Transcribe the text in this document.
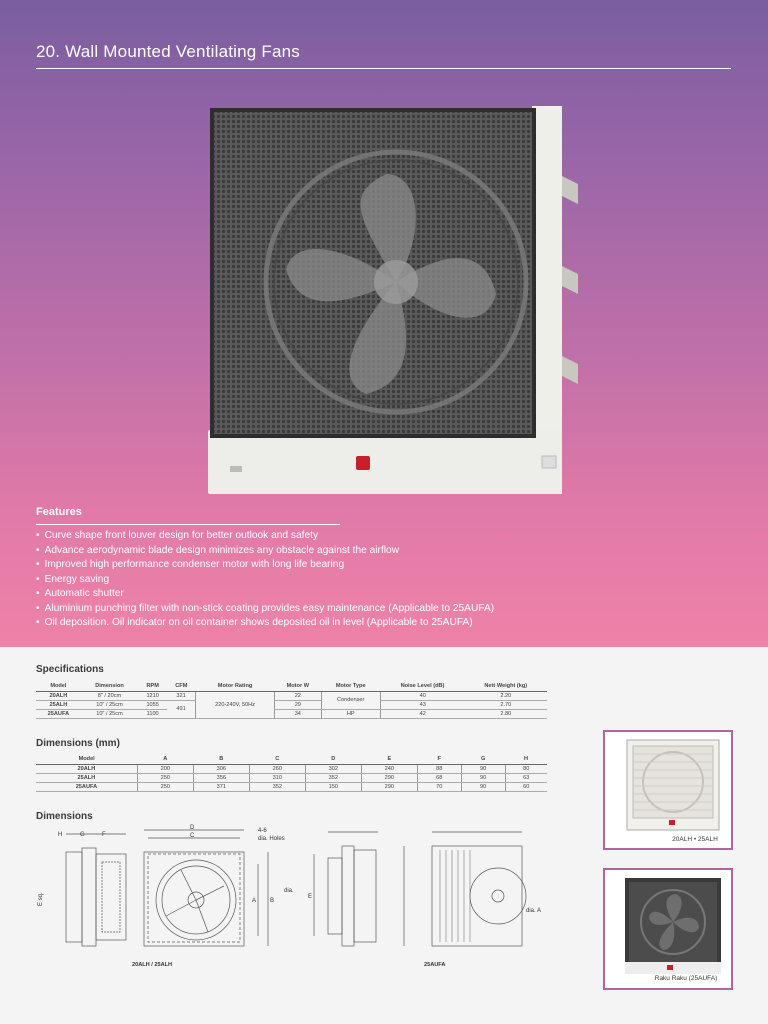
20. Wall Mounted Ventilating Fans
Features
• Curve shape front louver design for better outlook and safety
• Advance aerodynamic blade design minimizes any obstacle against the airflow
• Improved high performance condenser motor with long life bearing
• Energy saving
• Automatic shutter
• Aluminium punching filter with non-stick coating provides easy maintenance (Applicable to 25AUFA)
• Oil deposition. Oil indicator on oil container shows deposited oil in level (Applicable to 25AUFA)
Specifications
Model	Dimension	RPM	CFM	Motor Rating	Motor W	Motor Type	Noise Level (dB)	Nett Weight (kg)
20ALH	8" / 20cm	1210	321	220-240V, 50Hz	22	Condenser	40	2.20
25ALH	10" / 25cm	1055	491		29		43	2.70
25AUFA	10" / 25cm	1100			34	HP	42	2.80
Dimensions (mm)
Model	A	B	C	D	E	F	G	H
20ALH	200	306	260	302	240	88	90	80
25ALH	250	356	310	352	290	68	90	63
25AUFA	250	371	352	150	290	70	90	60
Dimensions
H	G	F
E sq.
D
C
4-6
dia. Holes
A B
dia.
E
dia. A
20ALH / 25ALH	25AUFA
20ALH • 25ALH
Raku Raku (25AUFA)
